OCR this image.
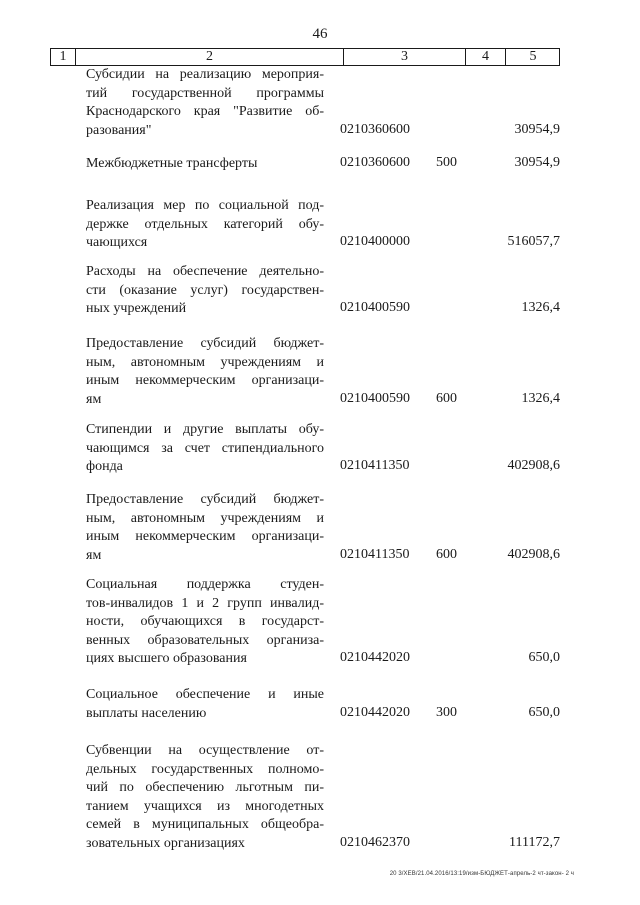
46
1	2	3	4	5
Субсидии на реализацию мероприя-
тий государственной программы
Краснодарского края "Развитие об-
разования"	0210360600	30954,9
Межбюджетные трансферты	0210360600 500	30954,9
Реализация мер по социальной под-
держке отдельных категорий обу-
чающихся	0210400000	516057,7
Расходы на обеспечение деятельно-
сти (оказание услуг) государствен-
ных учреждений	0210400590	1326,4
Предоставление субсидий бюджет-
ным, автономным учреждениям и
иным некоммерческим организаци-
ям	0210400590 600	1326,4
Стипендии и другие выплаты обу-
чающимся за счет стипендиального
фонда	0210411350	402908,6
Предоставление субсидий бюджет-
ным, автономным учреждениям и
иным некоммерческим организаци-
ям	0210411350 600	402908,6
Социальная поддержка студен-
тов-инвалидов 1 и 2 групп инвалид-
ности, обучающихся в государст-
венных образовательных организа-
циях высшего образования	0210442020	650,0
Социальное обеспечение и иные
выплаты населению	0210442020 300	650,0
Субвенции на осуществление от-
дельных государственных полномо-
чий по обеспечению льготным пи-
танием учащихся из многодетных
семей в муниципальных общеобра-
зовательных организациях	0210462370	111172,7
20 3/XEB/21.04.2016/13:19/изм-БЮДЖЕТ-апрель-2 чт-закон- 2 ч
